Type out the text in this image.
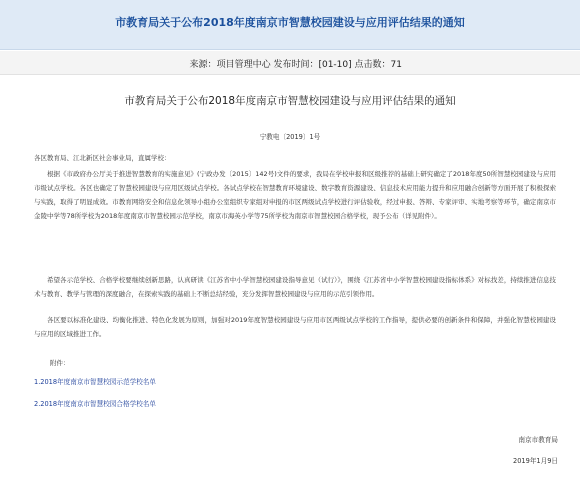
市教育局关于公布2018年度南京市智慧校园建设与应用评估结果的通知
来源：项目管理中心 发布时间：[01-10] 点击数：71
市教育局关于公布2018年度南京市智慧校园建设与应用评估结果的通知
宁教电〔2019〕1号

各区教育局、江北新区社会事业局，直属学校：

根据《市政府办公厅关于推进智慧教育的实施意见》(宁政办发〔2015〕142号)文件的要求，我局在学校申报和区级推荐的基础上研究确定了2018年度50所智慧校园建设与应用市级试点学校。各区也确定了智慧校园建设与应用区级试点学校。各试点学校在智慧教育环境建设、数字教育资源建设、信息技术应用能力提升和应用融合创新等方面开展了积极探索与实践，取得了明显成效。市教育网络安全和信息化领导小组办公室组织专家组对申报的市区两级试点学校进行评估验收，经过申报、答辩、专家评审、实地考察等环节，确定南京市金陵中学等78所学校为2018年度南京市智慧校园示范学校，南京市海英小学等75所学校为南京市智慧校园合格学校，现予公布（详见附件）。

希望各示范学校、合格学校要继续创新思路，认真研读《江苏省中小学智慧校园建设指导意见（试行）》，围绕《江苏省中小学智慧校园建设指标体系》对标找差，持续推进信息技术与教育、教学与管理的深度融合，在探索实践的基础上不断总结经验，充分发挥智慧校园建设与应用的示范引领作用。

各区要以标准化建设、均衡化推进、特色化发展为原则，加强对2019年度智慧校园建设与应用市区两级试点学校的工作指导，提供必要的创新条件和保障，并强化智慧校园建设与应用的区域推进工作。

附件：

1.2018年度南京市智慧校园示范学校名单
2.2018年度南京市智慧校园合格学校名单
南京市教育局
2019年1月9日
